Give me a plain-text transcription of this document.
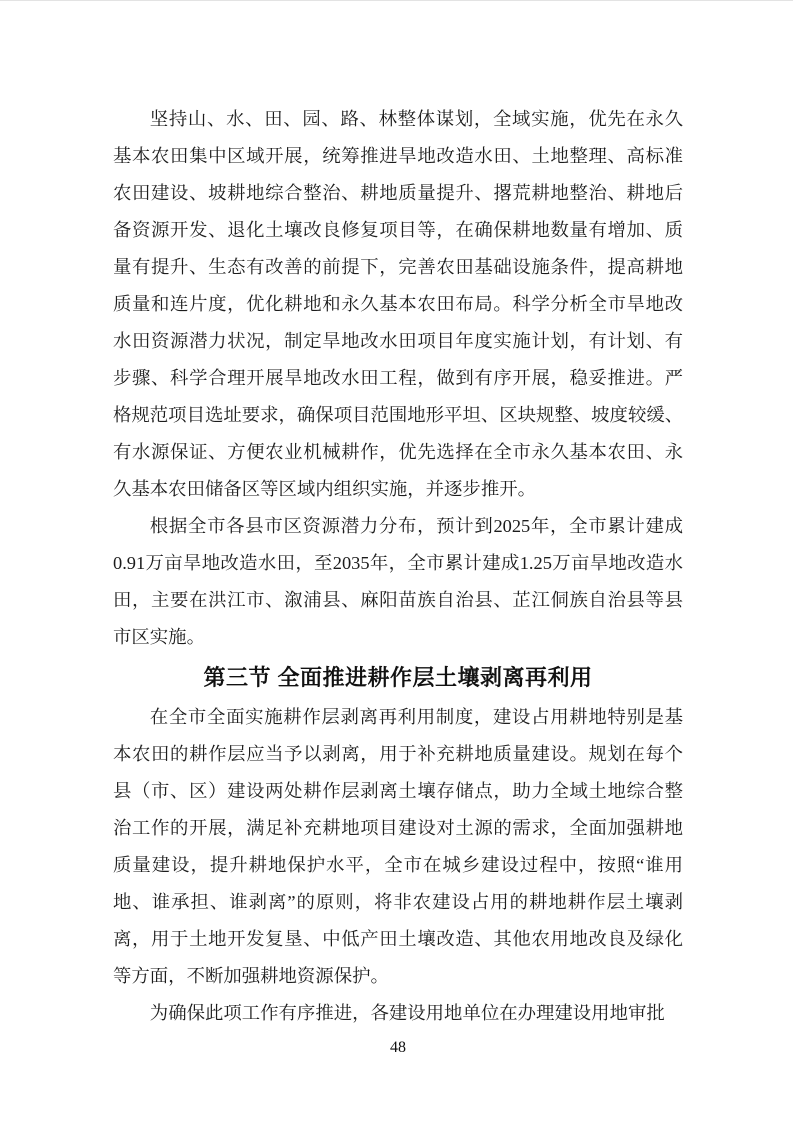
坚持山、水、田、园、路、林整体谋划，全域实施，优先在永久
基本农田集中区域开展，统筹推进旱地改造水田、土地整理、高标准
农田建设、坡耕地综合整治、耕地质量提升、撂荒耕地整治、耕地后
备资源开发、退化土壤改良修复项目等，在确保耕地数量有增加、质
量有提升、生态有改善的前提下，完善农田基础设施条件，提高耕地
质量和连片度，优化耕地和永久基本农田布局。科学分析全市旱地改
水田资源潜力状况，制定旱地改水田项目年度实施计划，有计划、有
步骤、科学合理开展旱地改水田工程，做到有序开展，稳妥推进。严
格规范项目选址要求，确保项目范围地形平坦、区块规整、坡度较缓、
有水源保证、方便农业机械耕作，优先选择在全市永久基本农田、永
久基本农田储备区等区域内组织实施，并逐步推开。
根据全市各县市区资源潜力分布，预计到2025年，全市累计建成
0.91万亩旱地改造水田，至2035年，全市累计建成1.25万亩旱地改造水
田，主要在洪江市、溆浦县、麻阳苗族自治县、芷江侗族自治县等县
市区实施。
第三节 全面推进耕作层土壤剥离再利用
在全市全面实施耕作层剥离再利用制度，建设占用耕地特别是基
本农田的耕作层应当予以剥离，用于补充耕地质量建设。规划在每个
县（市、区）建设两处耕作层剥离土壤存储点，助力全域土地综合整
治工作的开展，满足补充耕地项目建设对土源的需求，全面加强耕地
质量建设，提升耕地保护水平，全市在城乡建设过程中，按照“谁用
地、谁承担、谁剥离”的原则，将非农建设占用的耕地耕作层土壤剥
离，用于土地开发复垦、中低产田土壤改造、其他农用地改良及绿化
等方面，不断加强耕地资源保护。
为确保此项工作有序推进，各建设用地单位在办理建设用地审批
48
